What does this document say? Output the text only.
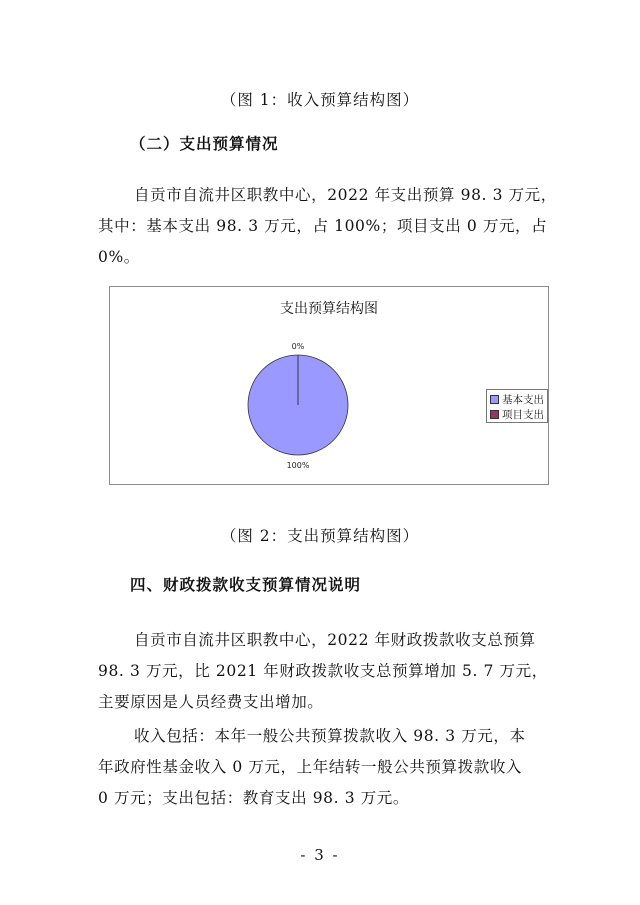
（图 1：收入预算结构图）
（二）支出预算情况
自贡市自流井区职教中心，2022 年支出预算 98. 3 万元，
其中：基本支出 98. 3 万元，占 100%；项目支出 0 万元，占
0%。
支出预算结构图
100%
0%
基本支出
项目支出
（图 2：支出预算结构图）
四、财政拨款收支预算情况说明
自贡市自流井区职教中心，2022 年财政拨款收支总预算
98. 3 万元，比 2021 年财政拨款收支总预算增加 5. 7 万元，
主要原因是人员经费支出增加。
收入包括：本年一般公共预算拨款收入 98. 3 万元，本
年政府性基金收入 0 万元，上年结转一般公共预算拨款收入
0 万元；支出包括：教育支出 98. 3 万元。
- 3 -
